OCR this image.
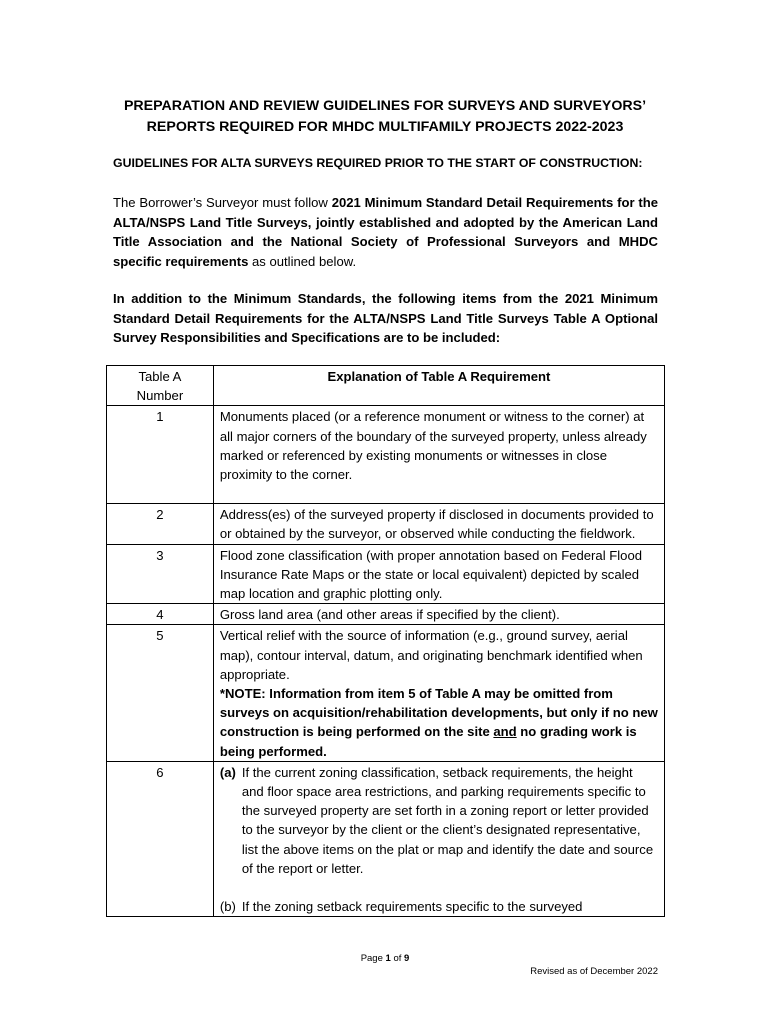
PREPARATION AND REVIEW GUIDELINES FOR SURVEYS AND SURVEYORS’
REPORTS REQUIRED FOR MHDC MULTIFAMILY PROJECTS 2022-2023
GUIDELINES FOR ALTA SURVEYS REQUIRED PRIOR TO THE START OF CONSTRUCTION:
The Borrower’s Surveyor must follow 2021 Minimum Standard Detail Requirements for the ALTA/NSPS Land Title Surveys, jointly established and adopted by the American Land Title Association and the National Society of Professional Surveyors and MHDC specific requirements as outlined below.
In addition to the Minimum Standards, the following items from the 2021 Minimum Standard Detail Requirements for the ALTA/NSPS Land Title Surveys Table A Optional Survey Responsibilities and Specifications are to be included:
Table A
Number	Explanation of Table A Requirement
1	Monuments placed (or a reference monument or witness to the corner) at all major corners of the boundary of the surveyed property, unless already marked or referenced by existing monuments or witnesses in close proximity to the corner.

2	Address(es) of the surveyed property if disclosed in documents provided to or obtained by the surveyor, or observed while conducting the fieldwork.
3	Flood zone classification (with proper annotation based on Federal Flood Insurance Rate Maps or the state or local equivalent) depicted by scaled map location and graphic plotting only.
4	Gross land area (and other areas if specified by the client).
5	Vertical relief with the source of information (e.g., ground survey, aerial map), contour interval, datum, and originating benchmark identified when appropriate.
*NOTE: Information from item 5 of Table A may be omitted from surveys on acquisition/rehabilitation developments, but only if no new construction is being performed on the site and no grading work is being performed.

6	(a) If the current zoning classification, setback requirements, the height and floor space area restrictions, and parking requirements specific to the surveyed property are set forth in a zoning report or letter provided to the surveyor by the client or the client’s designated representative, list the above items on the plat or map and identify the date and source of the report or letter.
(b) If the zoning setback requirements specific to the surveyed
Page 1 of 9
Revised as of December 2022
